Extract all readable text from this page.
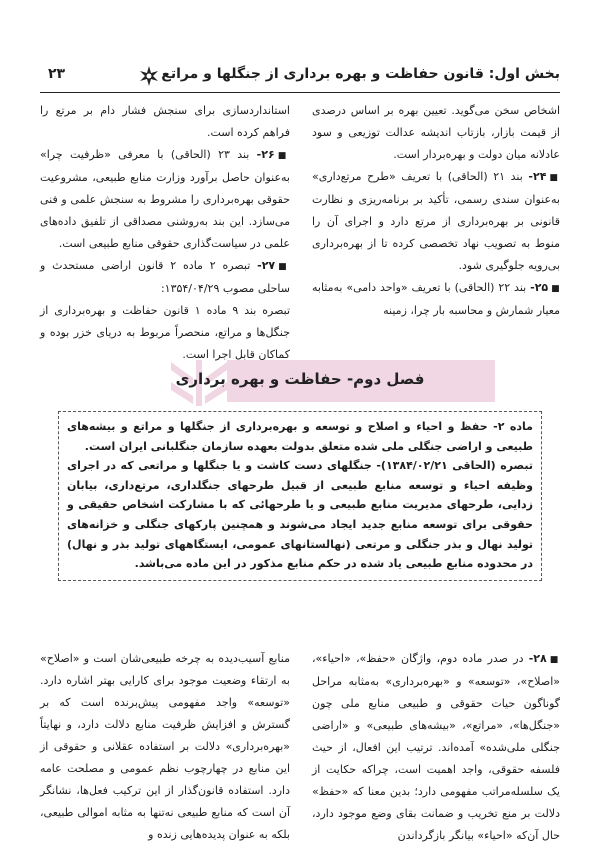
بخش اول: قانون حفاظت و بهره برداری از جنگلها و مراتع
۲۳

اشخاص سخن می‌گوید. تعیین بهره بر اساس درصدی از قیمت بازار، بازتاب اندیشه عدالت توزیعی و سود عادلانه میان دولت و بهره‌بردار است.

■۲۴- بند ۲۱ (الحاقی) با تعریف «طرح مرتع‌داری» به‌عنوان سندی رسمی، تأکید بر برنامه‌ریزی و نظارت قانونی بر بهره‌برداری از مرتع دارد و اجرای آن را منوط به تصویب نهاد تخصصی کرده تا از بهره‌برداری بی‌رویه جلوگیری شود.

■۲۵- بند ۲۲ (الحاقی) با تعریف «واحد دامی» به‌مثابه معیار شمارش و محاسبه بار چرا، زمینه

استانداردسازی برای سنجش فشار دام بر مرتع را فراهم کرده است.

■۲۶- بند ۲۳ (الحاقی) با معرفی «ظرفیت چرا» به‌عنوان حاصل برآورد وزارت منابع طبیعی، مشروعیت حقوقی بهره‌برداری را مشروط به سنجش علمی و فنی می‌سازد. این بند به‌روشنی مصداقی از تلفیق داده‌های علمی در سیاست‌گذاری حقوقی منابع طبیعی است.

■۲۷- تبصره ۲ ماده ۲ قانون اراضی مستحدث و ساحلی مصوب ۱۳۵۴/۰۴/۲۹:

تبصره بند ۹ ماده ۱ قانون حفاظت و بهره‌برداری از جنگل‌ها و مراتع، منحصراً مربوط به دریای خزر بوده و کماکان قابل اجرا است.

فصل دوم- حفاظت و بهره برداری

ماده ۲- حفظ و احیاء و اصلاح و توسعه و بهره‌برداری از جنگلها و مراتع و بیشه‌های طبیعی و اراضی جنگلی ملی شده متعلق بدولت بعهده سازمان جنگلبانی ایران است.

تبصره (الحاقی ۱۳۸۴/۰۲/۲۱)- جنگلهای دست کاشت و یا جنگلها و مراتعی که در اجرای وظیفه احیاء و توسعه منابع طبیعی از قبیل طرحهای جنگلداری، مرتع‌داری، بیابان زدایی، طرحهای مدیریت منابع طبیعی و یا طرحهائی که با مشارکت اشخاص حقیقی و حقوقی برای توسعه منابع جدید ایجاد می‌شوند و همچنین پارکهای جنگلی و خزانه‌های تولید نهال و بذر جنگلی و مرتعی (نهالستانهای عمومی، ایستگاههای تولید بذر و نهال) در محدوده منابع طبیعی یاد شده در حکم منابع مذکور در این ماده می‌باشد.

■۲۸- در صدر ماده دوم، واژگان «حفظ»، «احیاء»، «اصلاح»، «توسعه» و «بهره‌برداری» به‌مثابه مراحل گوناگون حیات حقوقی و طبیعی منابع ملی چون «جنگل‌ها»، «مراتع»، «بیشه‌های طبیعی» و «اراضی جنگلی ملی‌شده» آمده‌اند. ترتیب این افعال، از حیث فلسفه حقوقی، واجد اهمیت است، چراکه حکایت از یک سلسله‌مراتب مفهومی دارد؛ بدین معنا که «حفظ» دلالت بر منع تخریب و ضمانت بقای وضع موجود دارد، حال آن‌که «احیاء» بیانگر بازگرداندن

منابع آسیب‌دیده به چرخه طبیعی‌شان است و «اصلاح» به ارتقاء وضعیت موجود برای کارایی بهتر اشاره دارد. «توسعه» واجد مفهومی پیش‌برنده است که بر گسترش و افزایش ظرفیت منابع دلالت دارد، و نهایتاً «بهره‌برداری» دلالت بر استفاده عقلانی و حقوقی از این منابع در چهارچوب نظم عمومی و مصلحت عامه دارد. استفاده قانون‌گذار از این ترکیب فعل‌ها، نشانگر آن است که منابع طبیعی نه‌تنها به مثابه اموالی طبیعی، بلکه به عنوان پدیده‌هایی زنده و
